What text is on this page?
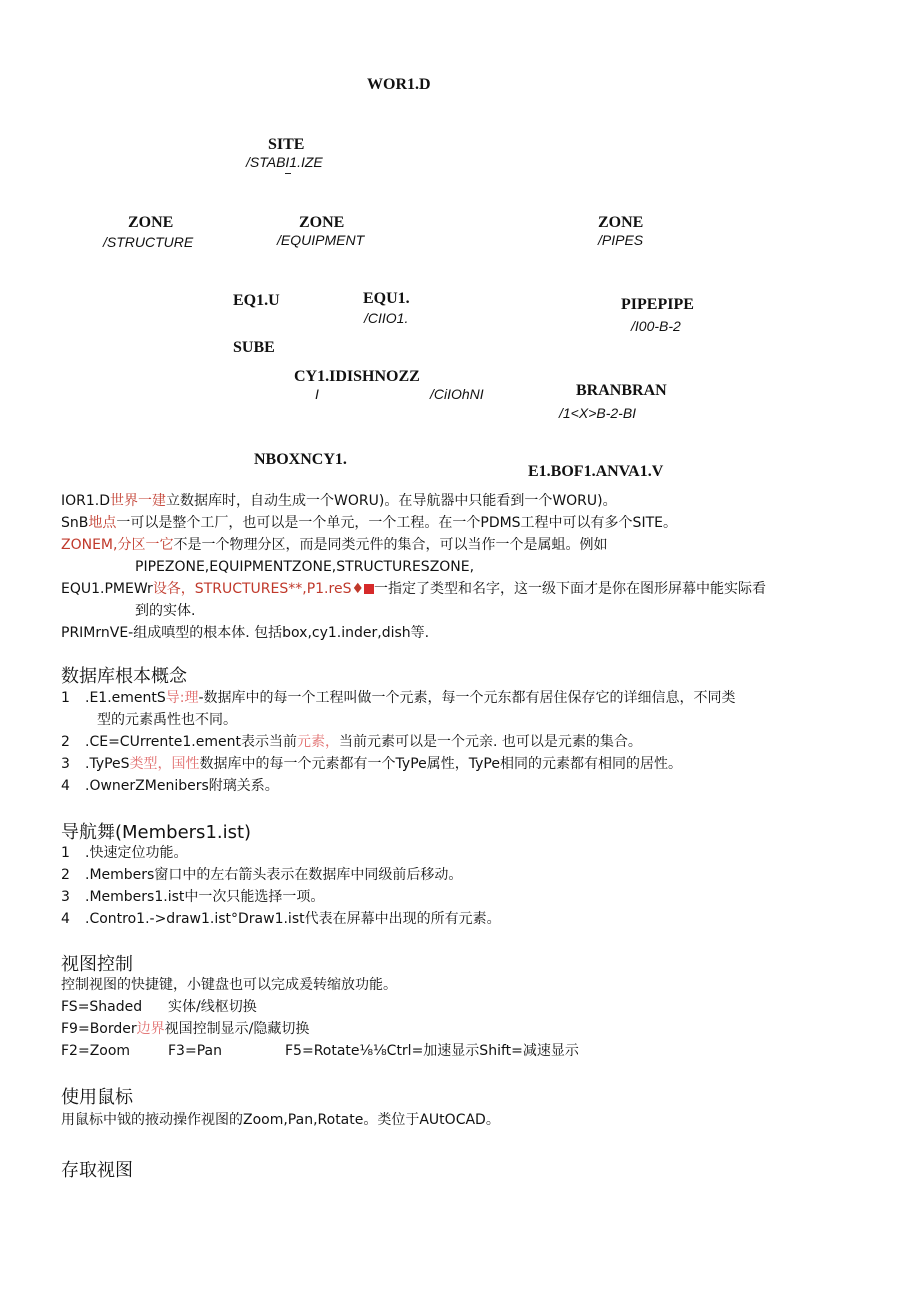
WOR1.D
SITE
/STABI1.IZE
ZONE
/STRUCTURE
ZONE
/EQUIPMENT
ZONE
/PIPES
EQ1.U	EQU1.
/CIIO1.
PIPEPIPE
/I00-B-2
SUBE
CY1.IDISHNOZZ
I	/CiIOhNI	BRANBRAN
/1<X>B-2-BI
NBOXNCY1.
E1.BOF1.ANVA1.V
IOR1.D世界一建立数据库时，自动生成一个WORU)。在导航器中只能看到一个WORU)。
SnB地点一可以是整个工厂，也可以是一个单元，一个工程。在一个PDMS工程中可以有多个SITE。
ZONEM,分区一它不是一个物理分区，而是同类元件的集合，可以当作一个是属蛆。例如
PIPEZONE,EQUIPMENTZONE,STRUCTURESZONE,
EQU1.PMEWr设各，STRUCTURES**,P1.reS♦ 一指定了类型和名字，这一级下面才是你在图形屏幕中能实际看
到的实体.
PRIMrnVE-组成嗔型的根本体. 包括box,cy1.inder,dish等.
数据库根本概念
1 .E1.ementS导:理-数据库中的每一个工程叫做一个元素，每一个元东都有居住保存它的详细信息，不同类
型的元素禹性也不同。
2 .CE=CUrrente1.ement表示当前元素，当前元素可以是一个元亲. 也可以是元素的集合。
3 .TyPeS类型，国性数据库中的每一个元素都有一个TyPe属性，TyPe相同的元素都有相同的居性。
4 .OwnerZMenibers附璃关系。
导航舞(Members1.ist)
1 .快速定位功能。
2 .Members窗口中的左右箭头表示在数据库中同级前后移动。
3 .Members1.ist中一次只能选择一项。
4 .Contro1.->draw1.ist°Draw1.ist代表在屏幕中出现的所有元素。
视图控制
控制视图的快捷键，小键盘也可以完成爰转缩放功能。
FS=Shaded 实体/线枢切换
F9=Border边界视国控制显示/隐藏切换
F2=Zoom	F3=Pan	F5=Rotate⅛⅛Ctrl=加速显示Shift=减速显示
使用鼠标
用鼠标中钺的掖动操作视图的Zoom,Pan,Rotate。类位于AUtOCAD。
存取视图
